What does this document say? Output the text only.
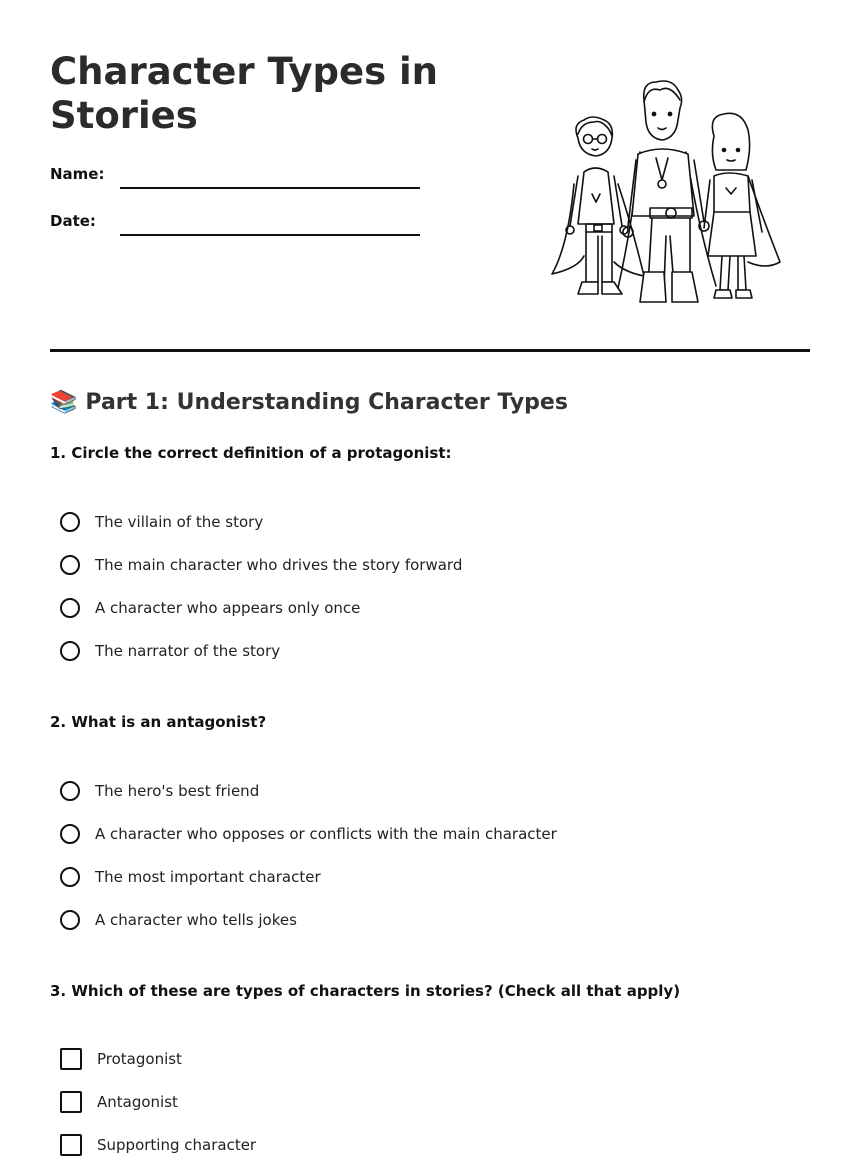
Character Types in Stories
Name:
Date:
📚 Part 1: Understanding Character Types
1. Circle the correct definition of a protagonist:
The villain of the story
The main character who drives the story forward
A character who appears only once
The narrator of the story
2. What is an antagonist?
The hero's best friend
A character who opposes or conflicts with the main character
The most important character
A character who tells jokes
3. Which of these are types of characters in stories? (Check all that apply)
Protagonist
Antagonist
Supporting character
